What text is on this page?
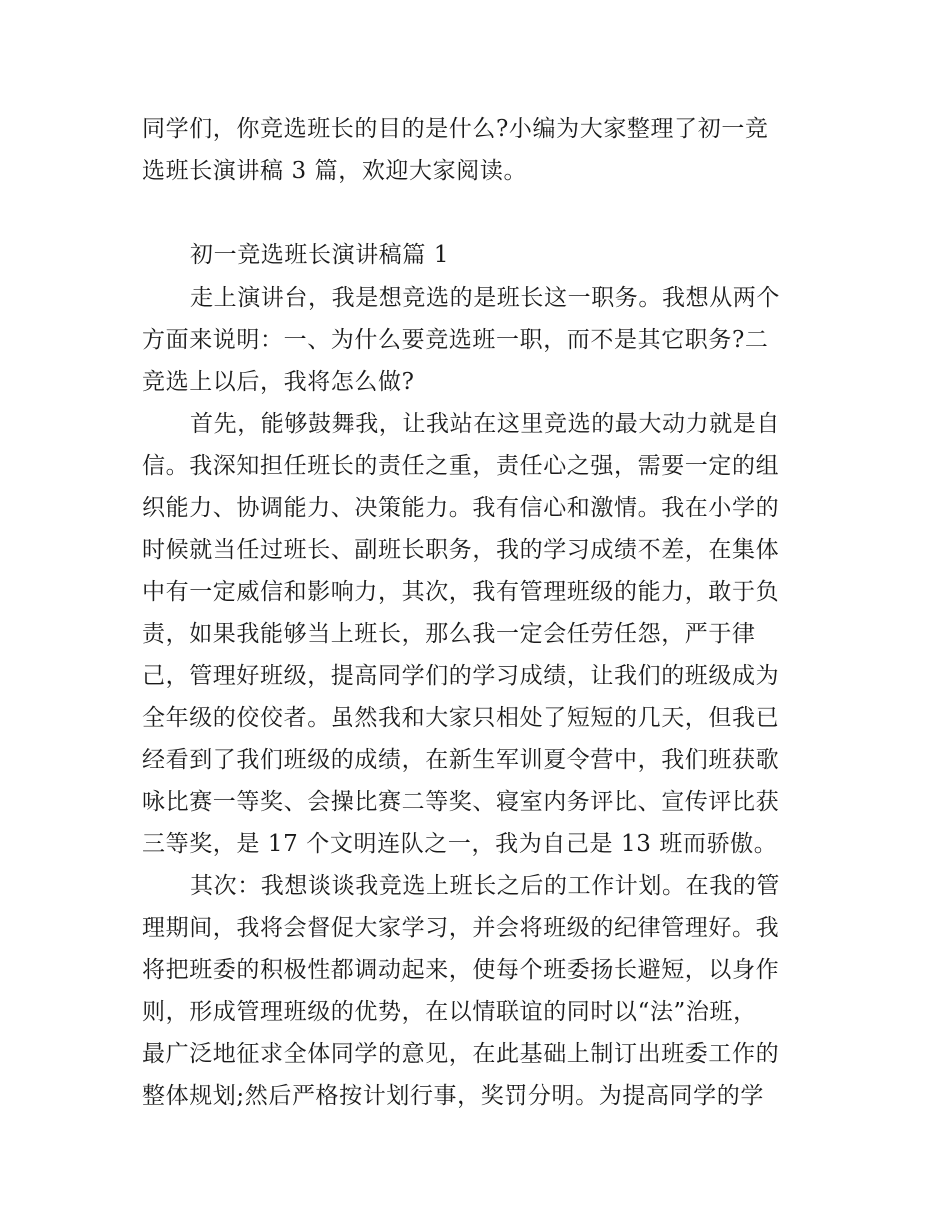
同学们，你竞选班长的目的是什么?小编为大家整理了初一竞
选班长演讲稿 3 篇，欢迎大家阅读。
初一竞选班长演讲稿篇 1
走上演讲台，我是想竞选的是班长这一职务。我想从两个
方面来说明：一、为什么要竞选班一职，而不是其它职务?二
竞选上以后，我将怎么做?
首先，能够鼓舞我，让我站在这里竞选的最大动力就是自
信。我深知担任班长的责任之重，责任心之强，需要一定的组
织能力、协调能力、决策能力。我有信心和激情。我在小学的
时候就当任过班长、副班长职务，我的学习成绩不差，在集体
中有一定威信和影响力，其次，我有管理班级的能力，敢于负
责，如果我能够当上班长，那么我一定会任劳任怨，严于律
己，管理好班级，提高同学们的学习成绩，让我们的班级成为
全年级的佼佼者。虽然我和大家只相处了短短的几天，但我已
经看到了我们班级的成绩，在新生军训夏令营中，我们班获歌
咏比赛一等奖、会操比赛二等奖、寝室内务评比、宣传评比获
三等奖，是 17 个文明连队之一，我为自己是 13 班而骄傲。
其次：我想谈谈我竞选上班长之后的工作计划。在我的管
理期间，我将会督促大家学习，并会将班级的纪律管理好。我
将把班委的积极性都调动起来，使每个班委扬长避短，以身作
则，形成管理班级的优势，在以情联谊的同时以“法”治班，
最广泛地征求全体同学的意见，在此基础上制订出班委工作的
整体规划;然后严格按计划行事，奖罚分明。为提高同学的学
